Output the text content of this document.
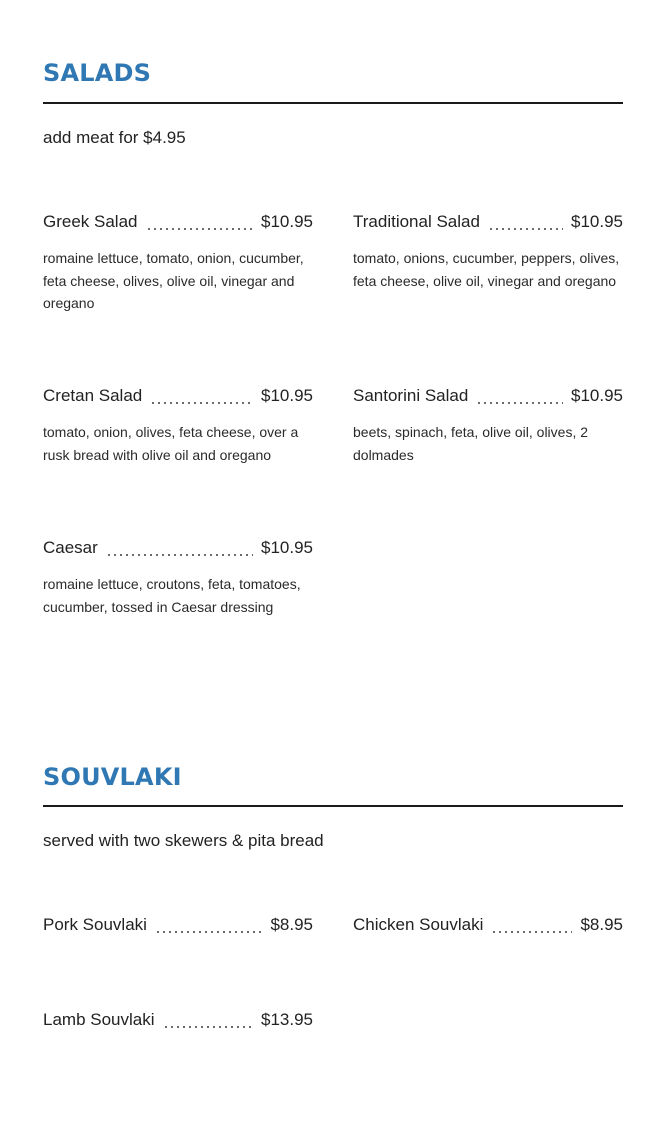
SALADS
add meat for $4.95
Greek Salad	$10.95
romaine lettuce, tomato, onion, cucumber, feta cheese, olives, olive oil, vinegar and oregano
Traditional Salad	$10.95
tomato, onions, cucumber, peppers, olives, feta cheese, olive oil, vinegar and oregano
Cretan Salad	$10.95
tomato, onion, olives, feta cheese, over a rusk bread with olive oil and oregano
Santorini Salad	$10.95
beets, spinach, feta, olive oil, olives, 2 dolmades
Caesar	$10.95
romaine lettuce, croutons, feta, tomatoes, cucumber, tossed in Caesar dressing
SOUVLAKI
served with two skewers & pita bread
Pork Souvlaki	$8.95 Chicken Souvlaki	$8.95
Lamb Souvlaki	$13.95
